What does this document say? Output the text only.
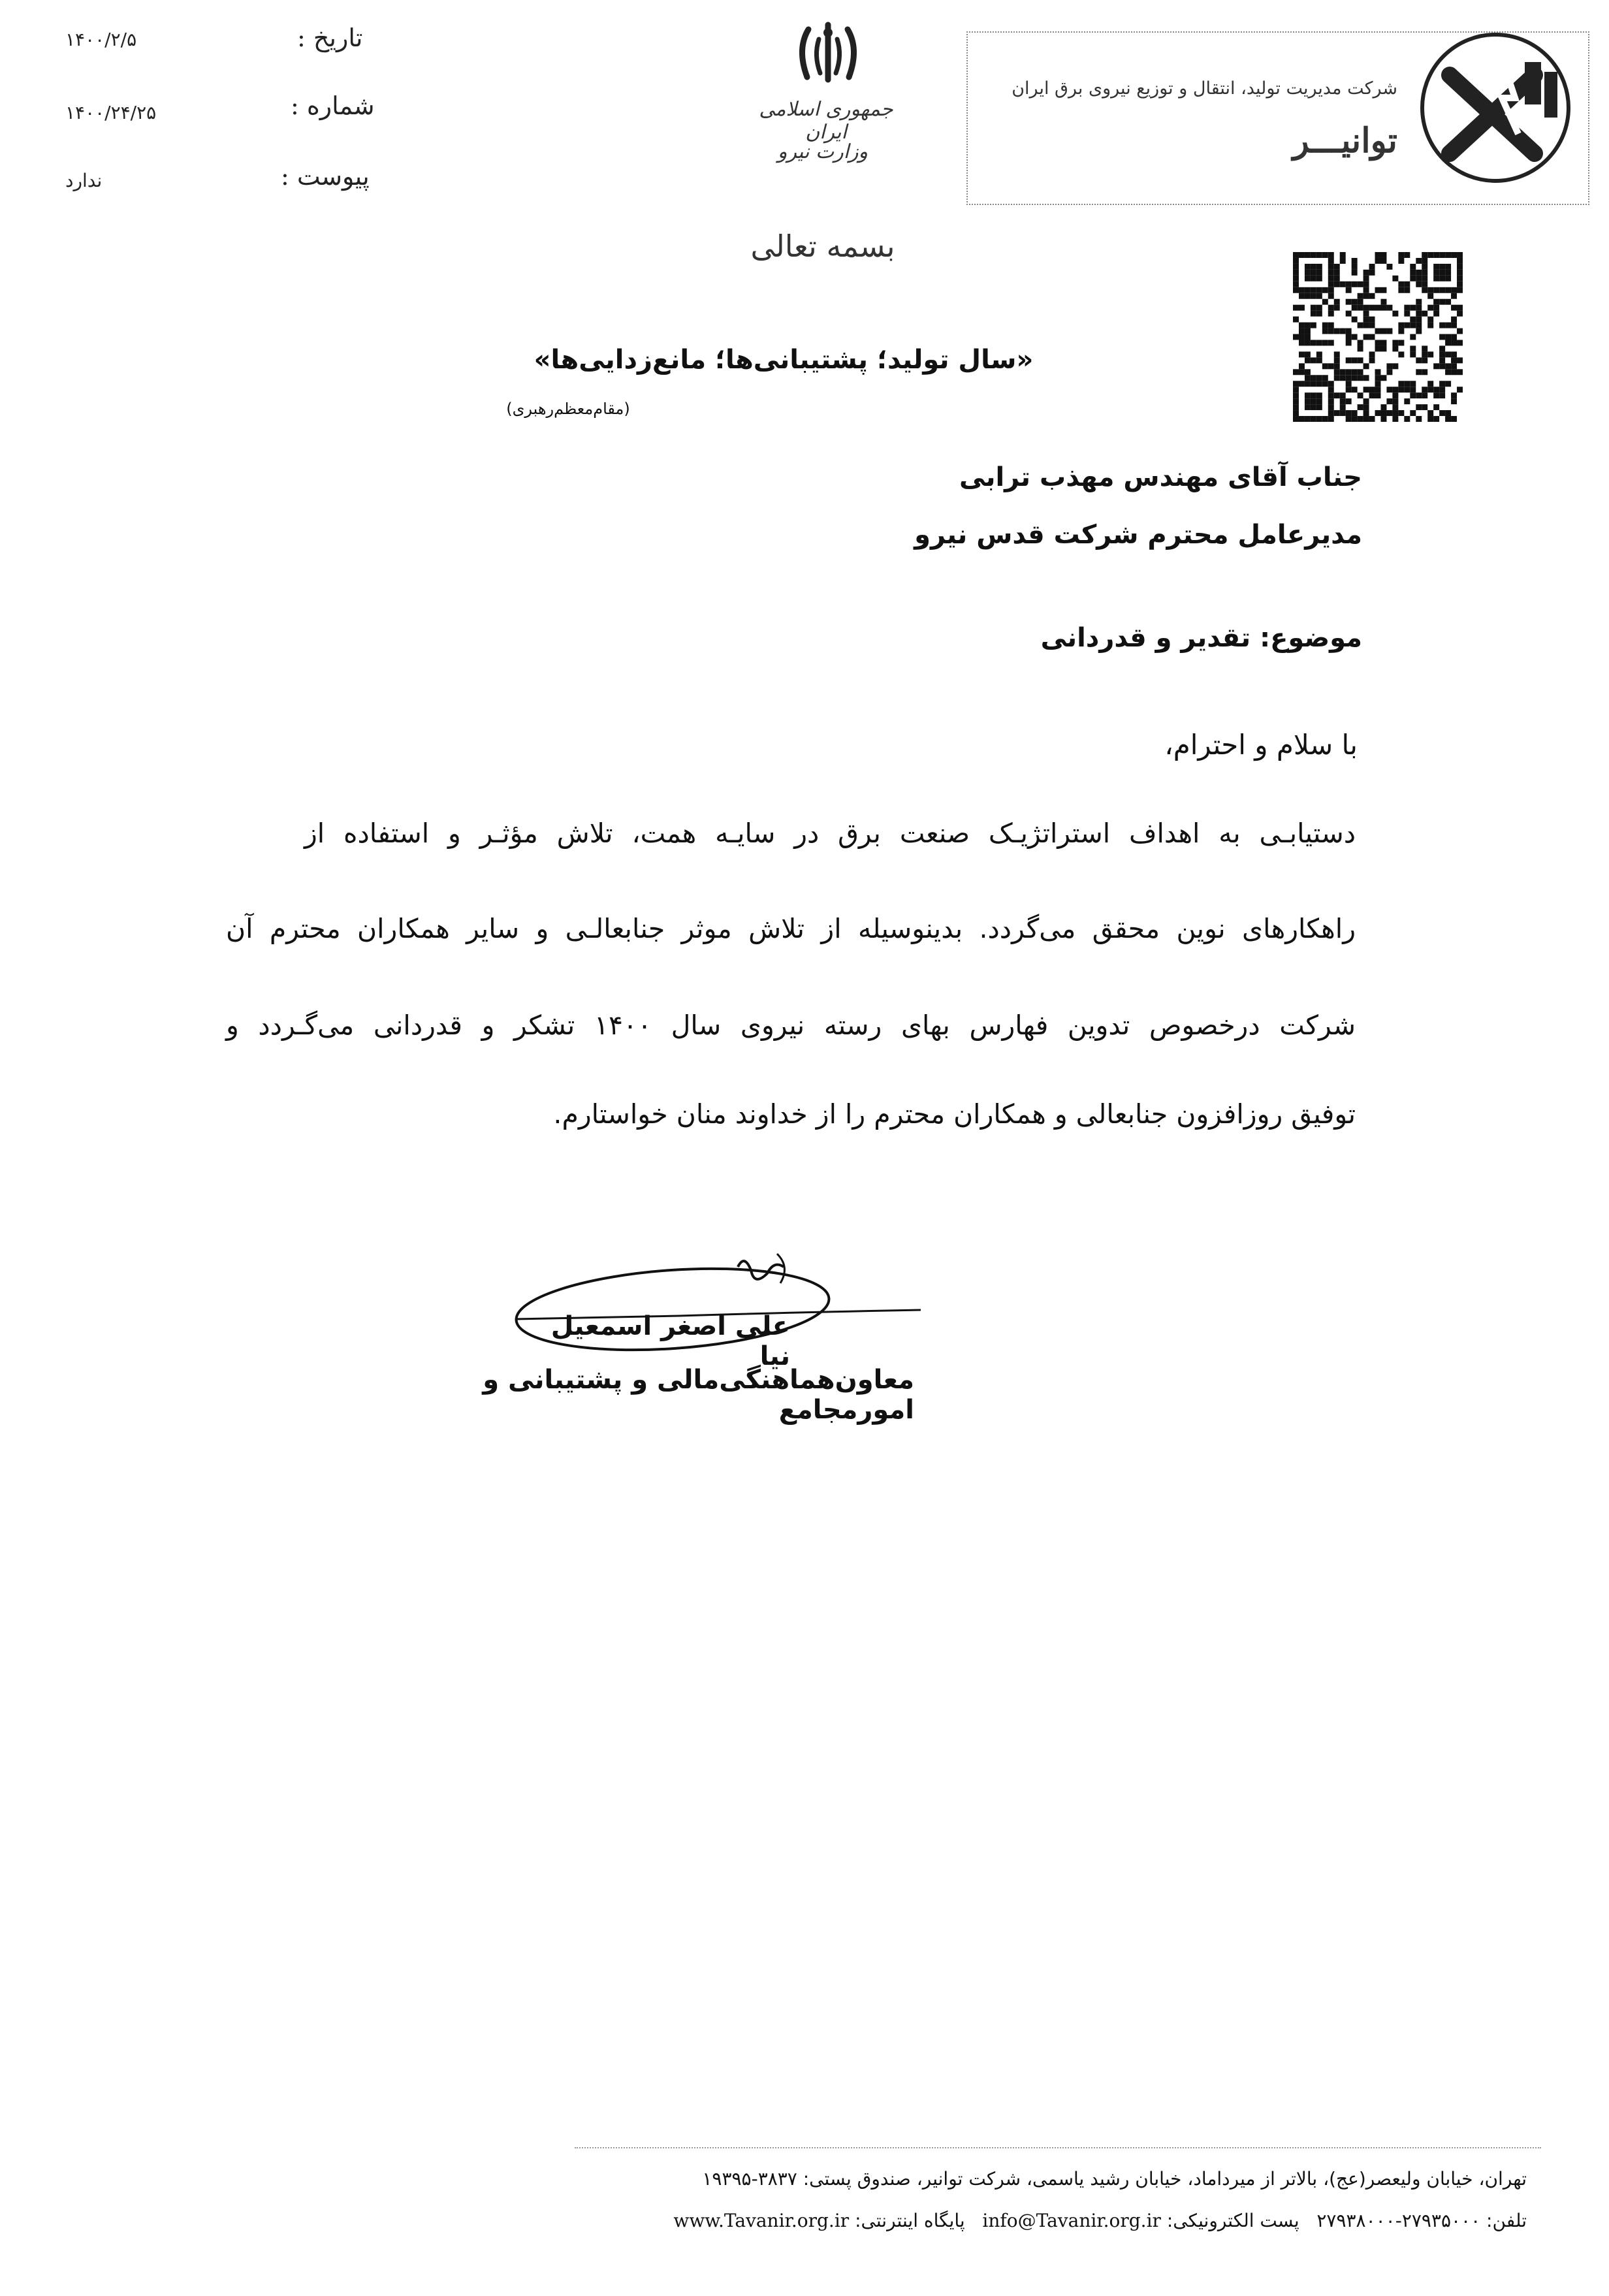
تاریخ :
۱۴۰۰/۲/۵
شماره :
۱۴۰۰/۲۴/۲۵
پیوست :
ندارد
جمهوری اسلامی ایران
وزارت نیرو
شرکت مدیریت تولید، انتقال و توزیع نیروی برق ایران
توانیـــر
بسمه تعالی
«سال تولید؛ پشتیبانی‌ها؛ مانع‌زدایی‌ها»
(مقام‌معظم‌رهبری)
جناب آقای مهندس مهذب ترابی
مدیرعامل محترم شرکت قدس نیرو
موضوع: تقدیر و قدردانی
با سلام و احترام،
دستیابـی به اهداف استراتژیـک صنعت برق در سایـه همت، تلاش مؤثـر و استفاده از
راهکارهای نوین محقق می‌گردد. بدینوسیله از تلاش موثر جنابعالـی و سایر همکاران محترم آن
شرکت درخصوص تدوین فهارس بهای رسته نیروی سال ۱۴۰۰ تشکر و قدردانی می‌گـردد و
توفیق روزافزون جنابعالی و همکاران محترم را از خداوند منان خواستارم.
علی اصغر اسمعیل نیا
معاون‌هماهنگی‌مالی و پشتیبانی و امورمجامع
تهران، خیابان ولیعصر(عج)، بالاتر از میرداماد، خیابان رشید یاسمی، شرکت توانیر، صندوق پستی: ۳۸۳۷-۱۹۳۹۵
تلفن: ۲۷۹۳۵۰۰۰-۲۷۹۳۸۰۰۰   پست الکترونیکی: info@Tavanir.org.ir   پایگاه اینترنتی: www.Tavanir.org.ir
